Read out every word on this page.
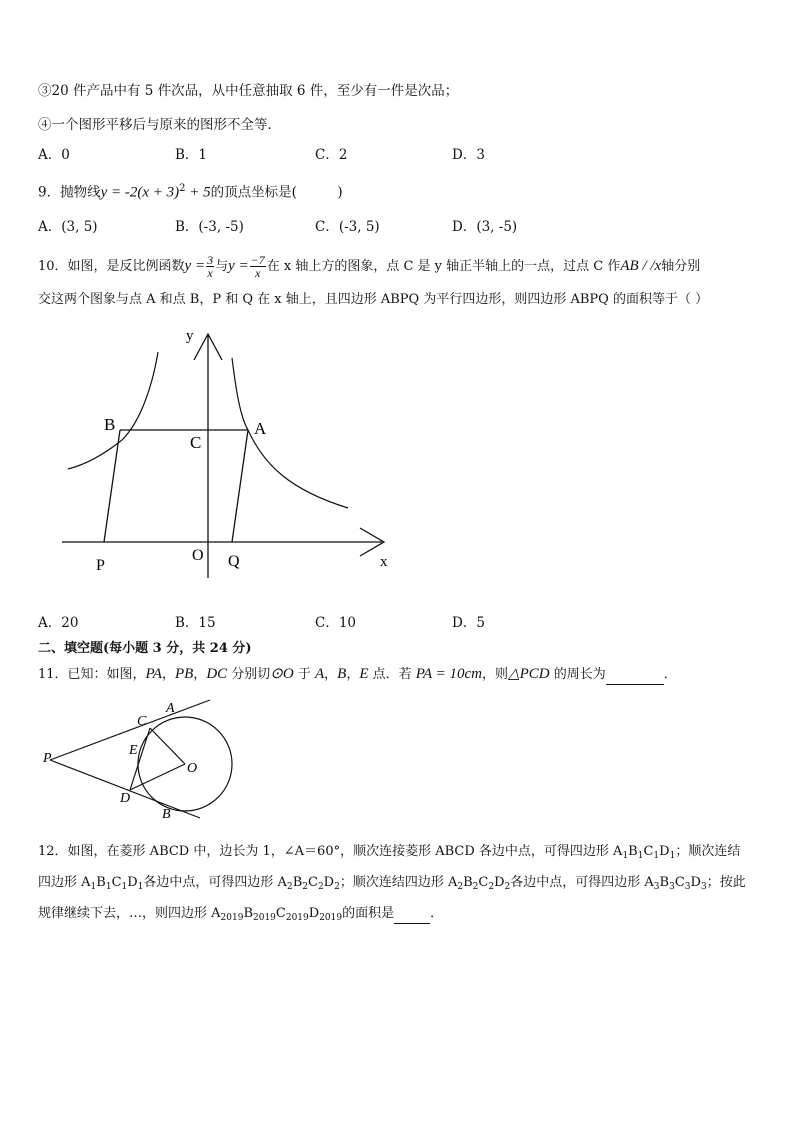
③20 件产品中有 5 件次品，从中任意抽取 6 件，至少有一件是次品；
④一个图形平移后与原来的图形不全等．
A．0	B．1	C．2	D．3
9．抛物线$y = -2(x + 3)^2 + 5$的顶点坐标是(　　　)
A．(3, 5)	B．(-3, -5)	C．(-3, 5)	D．(3, -5)
10．如图，是反比例函数$y = \frac{3}{x}$ 与$y = \frac{-7}{x}$ 在 x 轴上方的图象，点 C 是 y 轴正半轴上的一点，过点 C 作AB / /x轴分别
交这两个图象与点 A 和点 B，P 和 Q 在 x 轴上，且四边形 ABPQ 为平行四边形，则四边形 ABPQ 的面积等于（ ）
y
B
C
A
O
P	Q	x
A．20	B．15	C．10	D．5
二、填空题(每小题 3 分，共 24 分)
11．已知：如图，PA，PB，DC 分别切⊙O 于 A，B，E 点．若 PA = 10cm，则△PCD 的周长为	．
C
A
E
P
O
D
B
12．如图，在菱形 ABCD 中，边长为 1，∠A＝60°，顺次连接菱形 ABCD 各边中点，可得四边形 $A_1B_1C_1D_1$；顺次连结
四边形 $A_1B_1C_1D_1$各边中点，可得四边形 $A_2B_2C_2D_2$；顺次连结四边形 $A_2B_2C_2D_2$各边中点，可得四边形 $A_3B_3C_3D_3$；按此
规律继续下去，…，则四边形 $A_{2019}B_{2019}C_{2019}D_{2019}$的面积是	．
